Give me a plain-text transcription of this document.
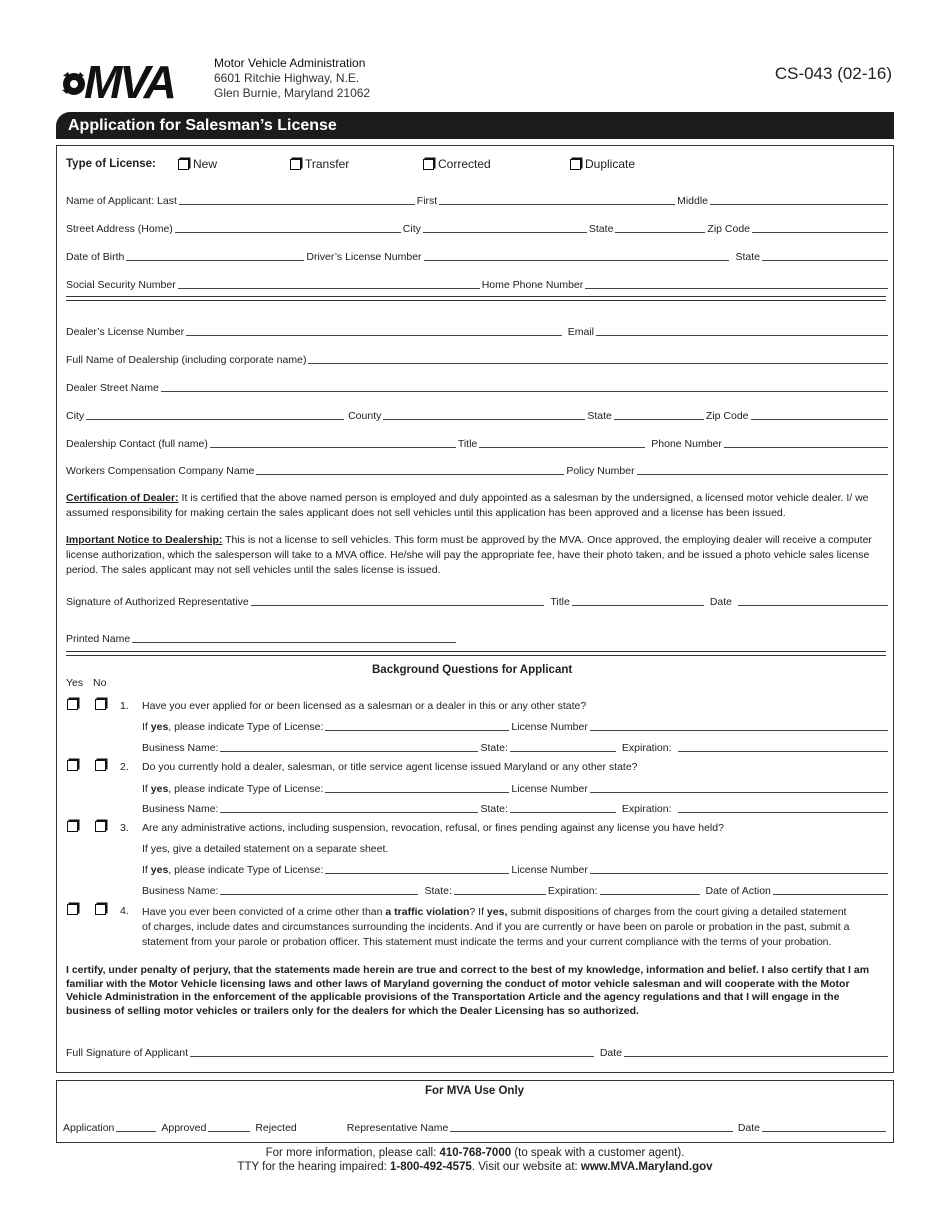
MVA	Motor Vehicle Administration
6601 Ritchie Highway, N.E.
Glen Burnie, Maryland 21062
CS-043 (02-16)
Application for Salesman’s License
Type of License:	New	Transfer	Corrected	Duplicate
Name of Applicant: Last	First	Middle
Street Address (Home)	City	State	Zip Code
Date of Birth	Driver’s License Number	State
Social Security Number	Home Phone Number
Dealer’s License Number	Email
Full Name of Dealership (including corporate name)
Dealer Street Name
City	County	State	Zip Code
Dealership Contact (full name)	Title	Phone Number
Workers Compensation Company Name	Policy Number
Certification of Dealer: It is certified that the above named person is employed and duly appointed as a salesman by the undersigned, a licensed motor vehicle dealer. I/ we assumed responsibility for making certain the sales applicant does not sell vehicles until this application has been approved and a license has been issued.
Important Notice to Dealership: This is not a license to sell vehicles. This form must be approved by the MVA. Once approved, the employing dealer will receive a computer license authorization, which the salesperson will take to a MVA office. He/she will pay the appropriate fee, have their photo taken, and be issued a photo vehicle sales license period. The sales applicant may not sell vehicles until the sales license is issued.
Signature of Authorized Representative	Title	Date
Printed Name
Background Questions for Applicant
Yes No
1. Have you ever applied for or been licensed as a salesman or a dealer in this or any other state?
If yes, please indicate Type of License:	License Number
Business Name:	State:	Expiration:
2. Do you currently hold a dealer, salesman, or title service agent license issued Maryland or any other state?
If yes, please indicate Type of License:	License Number
Business Name:	State:	Expiration:
3. Are any administrative actions, including suspension, revocation, refusal, or fines pending against any license you have held?
If yes, give a detailed statement on a separate sheet.
If yes, please indicate Type of License:	License Number
Business Name:	State:	Expiration:	Date of Action
4. Have you ever been convicted of a crime other than a traffic violation? If yes, submit dispositions of charges from the court giving a detailed statement
of charges, include dates and circumstances surrounding the incidents. And if you are currently or have been on parole or probation in the past, submit a
statement from your parole or probation officer. This statement must indicate the terms and your current compliance with the terms of your probation.
I certify, under penalty of perjury, that the statements made herein are true and correct to the best of my knowledge, information and belief. I also certify that I am familiar with the Motor Vehicle licensing laws and other laws of Maryland governing the conduct of motor vehicle salesman and will cooperate with the Motor Vehicle Administration in the enforcement of the applicable provisions of the Transportation Article and the agency regulations and that I will engage in the business of selling motor vehicles or trailers only for the dealers for which the Dealer Licensing has so authorized.
Full Signature of Applicant	Date
For MVA Use Only
Application	Approved	Rejected	Representative Name	Date
For more information, please call: 410-768-7000 (to speak with a customer agent).
TTY for the hearing impaired: 1-800-492-4575. Visit our website at: www.MVA.Maryland.gov
